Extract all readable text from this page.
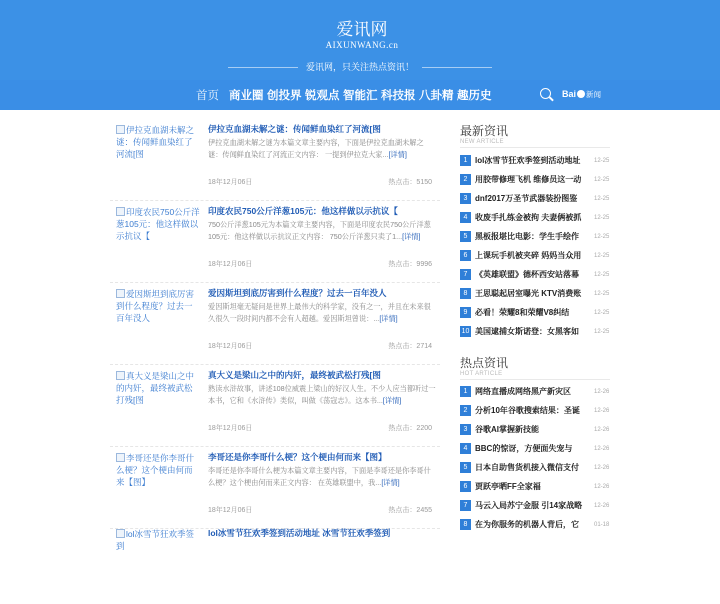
爱讯网
AIXUNWANG.cn
爱讯网，只关注热点资讯！
首页 商业圈 创投界 锐观点 智能汇 科技报 八卦精 趣历史	Bai 新闻
伊拉克血湖未解之谜：传闻鲜血染红了河流[图
伊拉克血湖未解之谜：传闻鲜血染红了河流[图
伊拉克血湖未解之谜为本篇文章主要内容，下面是伊拉克血湖未解之谜：传闻鲜血染红了河流正文内容： 一提到伊拉克大家...[详情]
18年12月06日	热点击：5150
印度农民750公斤洋葱105元：他这样做以示抗议【
印度农民750公斤洋葱105元：他这样做以示抗议【
750公斤洋葱105元为本篇文章主要内容，下面是印度农民750公斤洋葱105元：他这样做以示抗议正文内容： 750公斤洋葱只卖了1...[详情]
18年12月06日	热点击：9996
爱因斯坦到底厉害到什么程度？过去一百年没人
爱因斯坦到底厉害到什么程度？过去一百年没人
爱因斯坦毫无疑问是世界上最伟大的科学家，没有之一，并且在未来很久很久一段时间内都不会有人超越。爱因斯坦曾说：...[详情]
18年12月06日	热点击：2714
真大义是梁山之中的内奸，最终被武松打残[图
真大义是梁山之中的内奸，最终被武松打残[图
熟读水浒故事，讲述108位威震上梁山的好汉人生。不少人应当都听过一本书，它和《水浒传》类似，叫做《荡寇志》。这本书...[详情]
18年12月06日	热点击：2200
李哥还是你李哥什么梗？这个梗由何而来【图】
李哥还是你李哥什么梗？这个梗由何而来【图】
李哥还是你李哥什么梗为本篇文章主要内容，下面是李哥还是你李哥什么梗？这个梗由何而来正文内容： 在英雄联盟中，我...[详情]
18年12月06日	热点击：2455
lol冰雪节狂欢季签到
lol冰雪节狂欢季签到活动地址 冰雪节狂欢季签到
最新资讯
NEW ARTICLE
1 lol冰雪节狂欢季签到活动地址	12-25
2 用胶带修理飞机 维修员这一动	12-25
3 dnf2017万圣节武器装扮图鉴	12-25
4 收废手扎练金被拘 夫妻俩被抓	12-25
5 黑板报堪比电影：学生手绘作	12-25
6 上课玩手机被夹碎 妈妈当众用	12-25
7 《英雄联盟》德杯西安站落幕	12-25
8 王思聪起居室曝光 KTV消费账	12-25
9 必看！荣耀8和荣耀V8纠结	12-25
10 美国逮捕女斯诺登：女黑客如	12-25
热点资讯
HOT ARTICLE
1 网络直播成网络黑产新灾区	12-26
2 分析10年谷歌搜索结果：圣诞	12-26
3 谷歌AI掌握新技能	12-26
4 BBC的惊讶，方便面失宠与	12-26
5 日本自助售货机接入微信支付	12-26
6 贾跃亭晒FF全家福	12-26
7 马云入局苏宁金服 引14家战略	12-26
8 在为你服务的机器人背后，它	01-18
